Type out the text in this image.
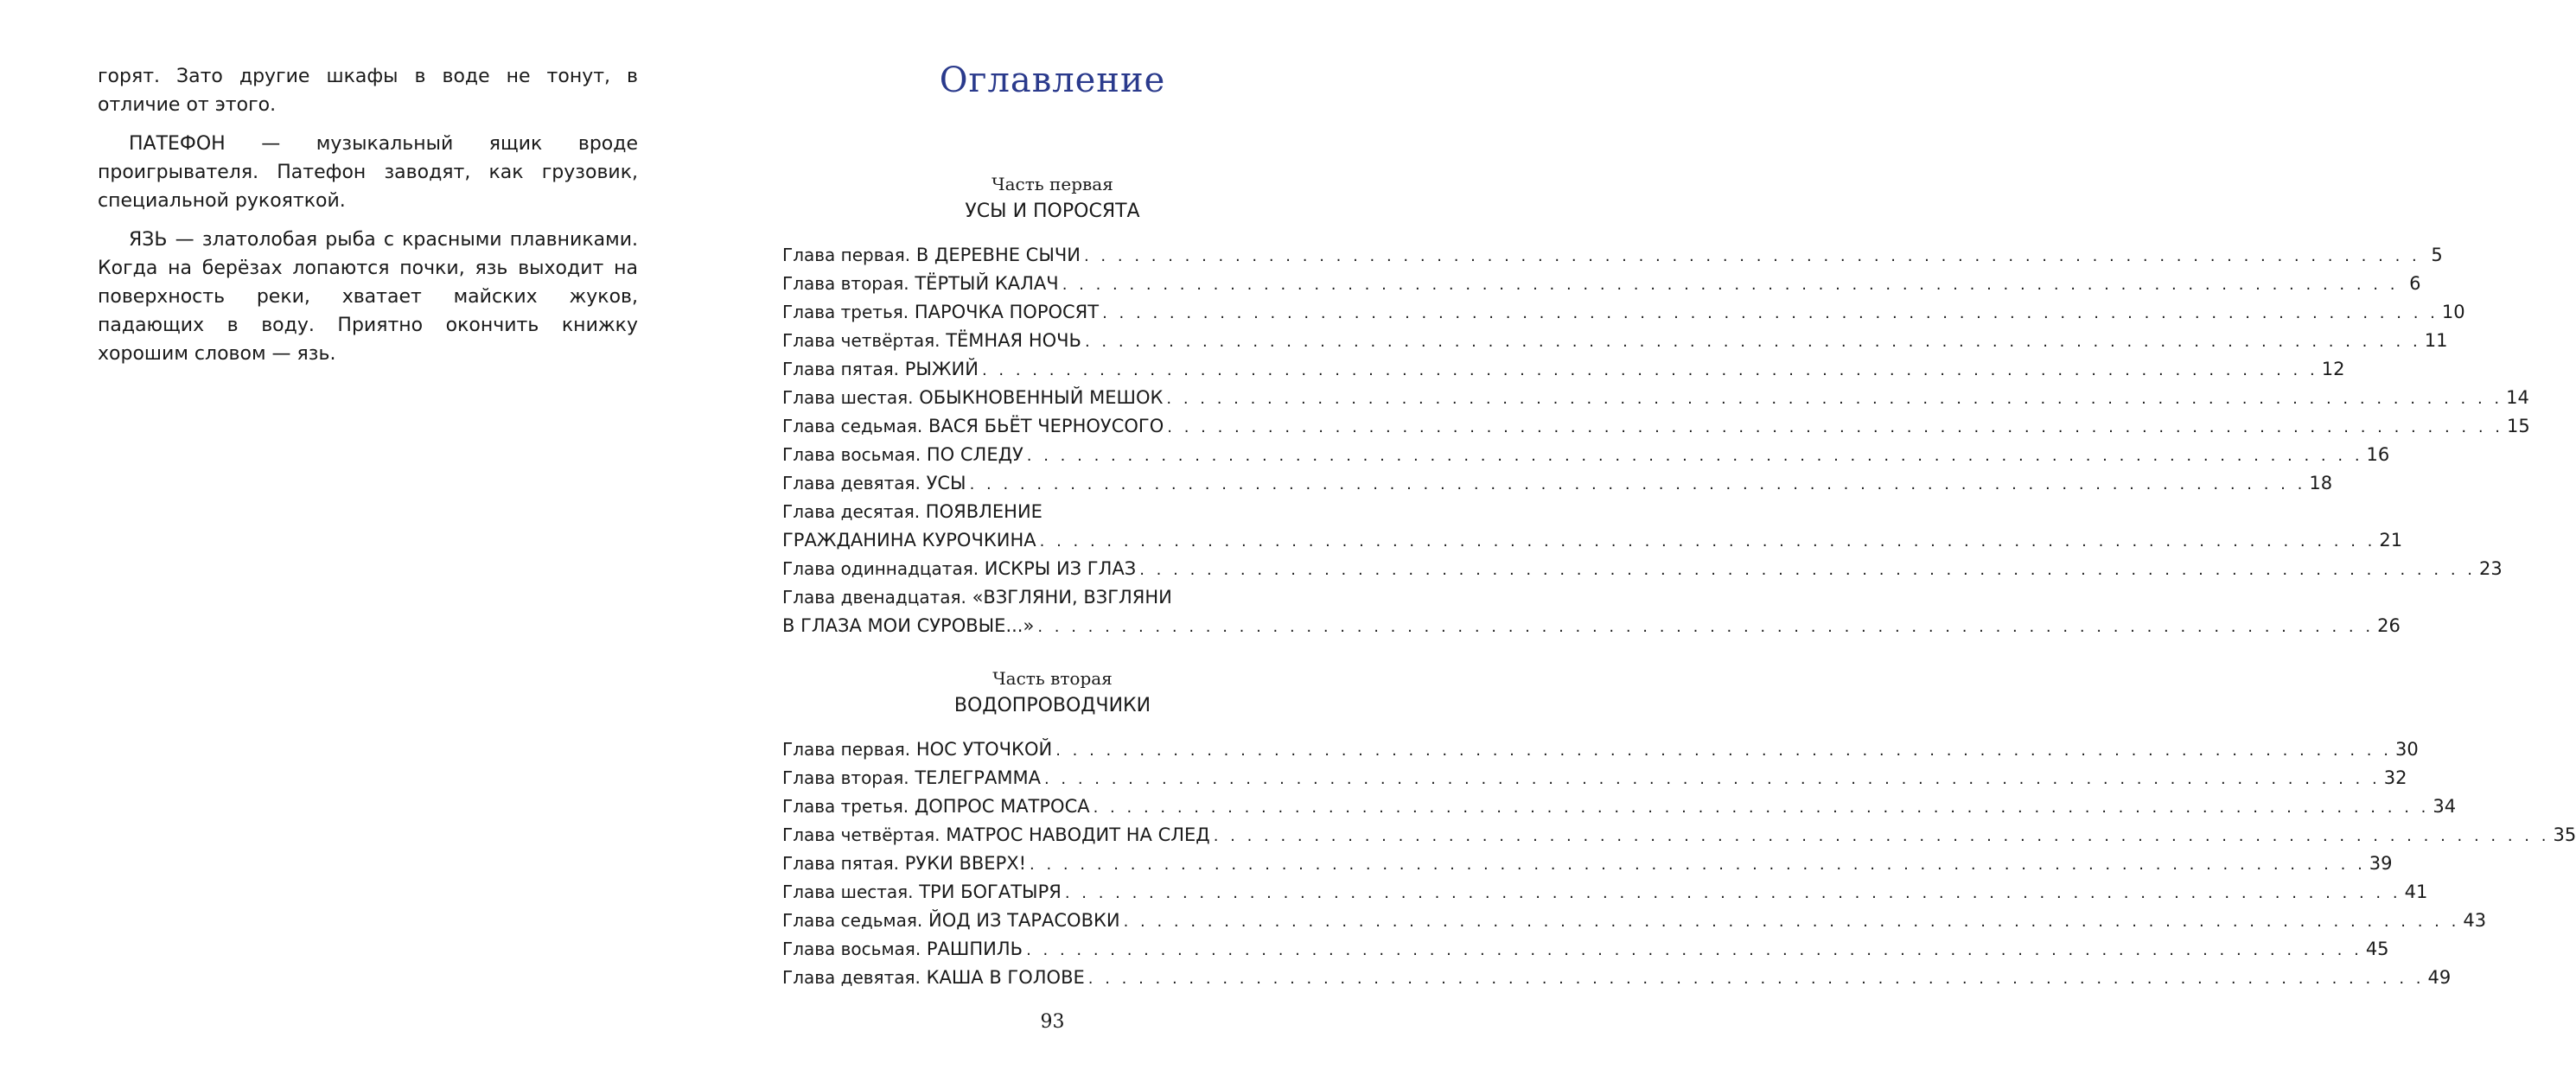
горят. Зато другие шкафы в воде не тонут, в отличие от этого.

ПАТЕФОН — музыкальный ящик вроде проигрывателя. Патефон заводят, как грузовик, специальной рукояткой.

ЯЗЬ — златолобая рыба с красными плавниками. Когда на берёзах лопаются почки, язь выходит на поверхность реки, хватает майских жуков, падающих в воду. Приятно окончить книжку хорошим словом — язь.

Оглавление
Часть первая
УСЫ И ПОРОСЯТА
Глава первая.
В ДЕРЕВНЕ СЫЧИ . . . . . . . . . . . . . . . . . . . . . . . . . . . . . . . . . . . . . . . . . . . . . . . . . . . . . . . . . . . . . . . . . . . . . . . . . . . . . . . . 5
Глава вторая.
ТЁРТЫЙ КАЛАЧ . . . . . . . . . . . . . . . . . . . . . . . . . . . . . . . . . . . . . . . . . . . . . . . . . . . . . . . . . . . . . . . . . . . . . . . . . . . . . . . . 6
Глава третья.
ПАРОЧКА ПОРОСЯТ . . . . . . . . . . . . . . . . . . . . . . . . . . . . . . . . . . . . . . . . . . . . . . . . . . . . . . . . . . . . . . . . . . . . . . . . . . . . . . . . 10
Глава четвёртая.
ТЁМНАЯ НОЧЬ . . . . . . . . . . . . . . . . . . . . . . . . . . . . . . . . . . . . . . . . . . . . . . . . . . . . . . . . . . . . . . . . . . . . . . . . . . . . . . . . 11
Глава пятая.
РЫЖИЙ . . . . . . . . . . . . . . . . . . . . . . . . . . . . . . . . . . . . . . . . . . . . . . . . . . . . . . . . . . . . . . . . . . . . . . . . . . . . . . . . 12
Глава шестая.
ОБЫКНОВЕННЫЙ МЕШОК . . . . . . . . . . . . . . . . . . . . . . . . . . . . . . . . . . . . . . . . . . . . . . . . . . . . . . . . . . . . . . . . . . . . . . . . . . . . . . . . 14
Глава седьмая.
ВАСЯ БЬЁТ ЧЕРНОУСОГО . . . . . . . . . . . . . . . . . . . . . . . . . . . . . . . . . . . . . . . . . . . . . . . . . . . . . . . . . . . . . . . . . . . . . . . . . . . . . . . . 15
Глава восьмая.
ПО СЛЕДУ . . . . . . . . . . . . . . . . . . . . . . . . . . . . . . . . . . . . . . . . . . . . . . . . . . . . . . . . . . . . . . . . . . . . . . . . . . . . . . . . 16
Глава девятая.
УСЫ . . . . . . . . . . . . . . . . . . . . . . . . . . . . . . . . . . . . . . . . . . . . . . . . . . . . . . . . . . . . . . . . . . . . . . . . . . . . . . . . 18
Глава десятая.
ПОЯВЛЕНИЕ
ГРАЖДАНИНА КУРОЧКИНА . . . . . . . . . . . . . . . . . . . . . . . . . . . . . . . . . . . . . . . . . . . . . . . . . . . . . . . . . . . . . . . . . . . . . . . . . . . . . . . . 21
Глава одиннадцатая.
ИСКРЫ ИЗ ГЛАЗ . . . . . . . . . . . . . . . . . . . . . . . . . . . . . . . . . . . . . . . . . . . . . . . . . . . . . . . . . . . . . . . . . . . . . . . . . . . . . . . . 23
Глава двенадцатая.
«ВЗГЛЯНИ, ВЗГЛЯНИ
В ГЛАЗА МОИ СУРОВЫЕ...» . . . . . . . . . . . . . . . . . . . . . . . . . . . . . . . . . . . . . . . . . . . . . . . . . . . . . . . . . . . . . . . . . . . . . . . . . . . . . . . . 26
Часть вторая
ВОДОПРОВОДЧИКИ
Глава первая.
НОС УТОЧКОЙ . . . . . . . . . . . . . . . . . . . . . . . . . . . . . . . . . . . . . . . . . . . . . . . . . . . . . . . . . . . . . . . . . . . . . . . . . . . . . . . . 30
Глава вторая.
ТЕЛЕГРАММА . . . . . . . . . . . . . . . . . . . . . . . . . . . . . . . . . . . . . . . . . . . . . . . . . . . . . . . . . . . . . . . . . . . . . . . . . . . . . . . . 32
Глава третья.
ДОПРОС МАТРОСА . . . . . . . . . . . . . . . . . . . . . . . . . . . . . . . . . . . . . . . . . . . . . . . . . . . . . . . . . . . . . . . . . . . . . . . . . . . . . . . . 34
Глава четвёртая.
МАТРОС НАВОДИТ НА СЛЕД . . . . . . . . . . . . . . . . . . . . . . . . . . . . . . . . . . . . . . . . . . . . . . . . . . . . . . . . . . . . . . . . . . . . . . . . . . . . . . . . 35
Глава пятая.
РУКИ ВВЕРХ! . . . . . . . . . . . . . . . . . . . . . . . . . . . . . . . . . . . . . . . . . . . . . . . . . . . . . . . . . . . . . . . . . . . . . . . . . . . . . . . . 39
Глава шестая.
ТРИ БОГАТЫРЯ . . . . . . . . . . . . . . . . . . . . . . . . . . . . . . . . . . . . . . . . . . . . . . . . . . . . . . . . . . . . . . . . . . . . . . . . . . . . . . . . 41
Глава седьмая.
ЙОД ИЗ ТАРАСОВКИ . . . . . . . . . . . . . . . . . . . . . . . . . . . . . . . . . . . . . . . . . . . . . . . . . . . . . . . . . . . . . . . . . . . . . . . . . . . . . . . . 43
Глава восьмая.
РАШПИЛЬ . . . . . . . . . . . . . . . . . . . . . . . . . . . . . . . . . . . . . . . . . . . . . . . . . . . . . . . . . . . . . . . . . . . . . . . . . . . . . . . . 45
Глава девятая.
КАША В ГОЛОВЕ . . . . . . . . . . . . . . . . . . . . . . . . . . . . . . . . . . . . . . . . . . . . . . . . . . . . . . . . . . . . . . . . . . . . . . . . . . . . . . . . 49
93
